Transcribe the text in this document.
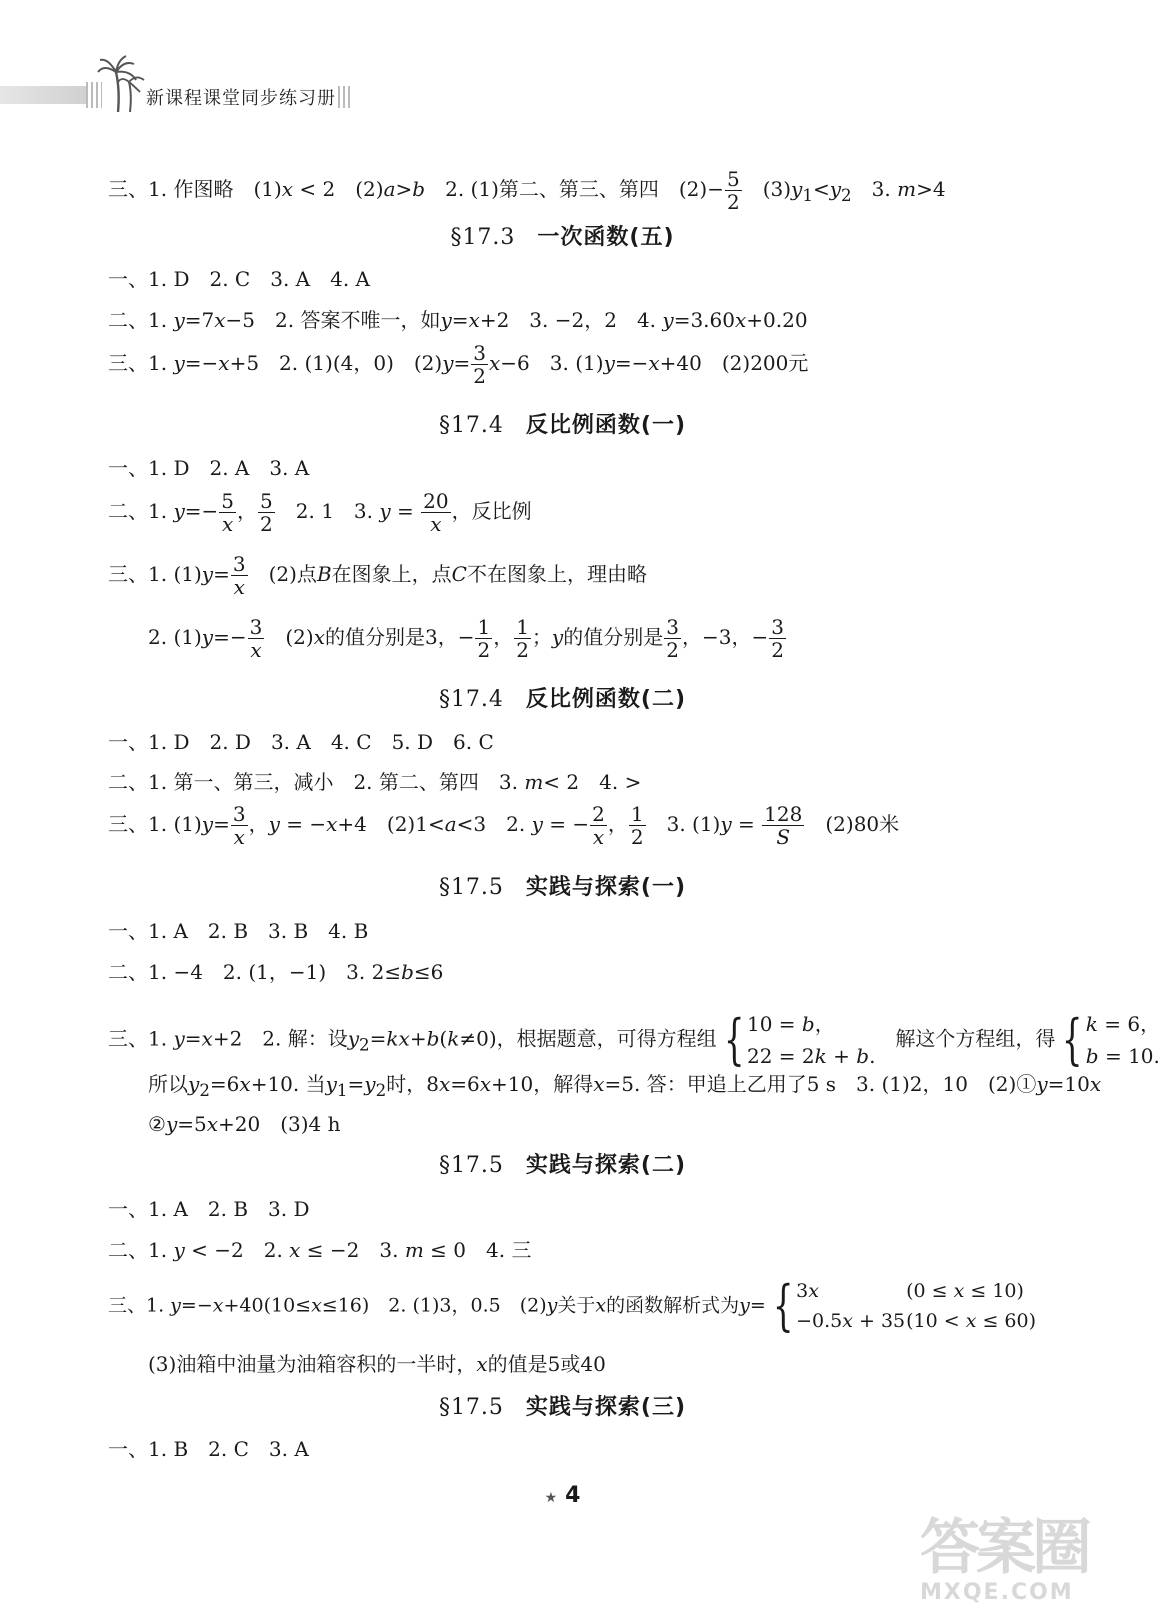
新课程课堂同步练习册
三、1. 作图略　(1)x < 2　(2)a>b　2. (1)第二、第三、第四　$(2)- \frac{5}{2}$ 　$(3)y_1<y_2$　3. m>4
§17.3 一次函数(五)
一、1. D　2. C　3. A　4. A
二、1. y=7x−5　2. 答案不唯一，如y=x+2　3. −2，2　4. y=3.60x+0.20
三、1. y=−x+5　2. (1)(4，0)　$(2)y= \frac{3}{2} x-6$　3. (1)y=−x+40　(2)200元
§17.4 反比例函数(一)
一、1. D　2. A　3. A
二、1. $y=- \frac{5}{x}$， $\frac{5}{2}$ 　2. 1　3. $y = \frac{20}{x}$，反比例
三、1. $(1)y= \frac{3}{x}$　(2)点B在图象上，点C不在图象上，理由略
2. $(1)y=- \frac{3}{x}$　(2)x的值分别是3，− $\frac{1}{2}$ ， $\frac{1}{2}$ ；y的值分别是 $\frac{3}{2}$ ，−3，− $\frac{3}{2}$
§17.4 反比例函数(二)
一、1. D　2. D　3. A　4. C　5. D　6. C
二、1. 第一、第三，减小　2. 第二、第四　3. m< 2　4. >
三、1. $(1)y= \frac{3}{x}$，y = −x+4　(2)1<a<3　2. y = − $\frac{2}{x}$， $\frac{1}{2}$ 　3. $(1)y = \frac{128}{S}$　(2)80米
§17.5 实践与探索(一)
一、1. A　2. B　3. B　4. B
二、1. −4　2. (1，−1)　3. 2≤b≤6
三、1. y=x+2　2. 解：设$y_2=kx+b(k\ne 0)$，根据题意，可得方程组 { 10 = b，
22 = 2k + b.
　解这个方程组，得 { k = 6，
b = 10.
所以$y_2=6x+10$. 当$y_1=y_2$时，8x=6x+10，解得x=5. 答：甲追上乙用了5 s　3. (1)2，10　(2)①y=10x
②y=5x+20　(3)4 h
§17.5 实践与探索(二)
一、1. A　2. B　3. D
二、1. y < −2　2. x ≤ −2　3. m ≤ 0　4. 三
三、1. y=−x+40(10≤x≤16)　2. (1)3，0.5　(2)y关于x的函数解析式为y= { 3x	(0 ≤ x ≤ 10)
−0.5x + 35(10 < x ≤ 60)
(3)油箱中油量为油箱容积的一半时，x的值是5或40
§17.5 实践与探索(三)
一、1. B　2. C　3. A
★ 4
答案圈
MXQE.COM
